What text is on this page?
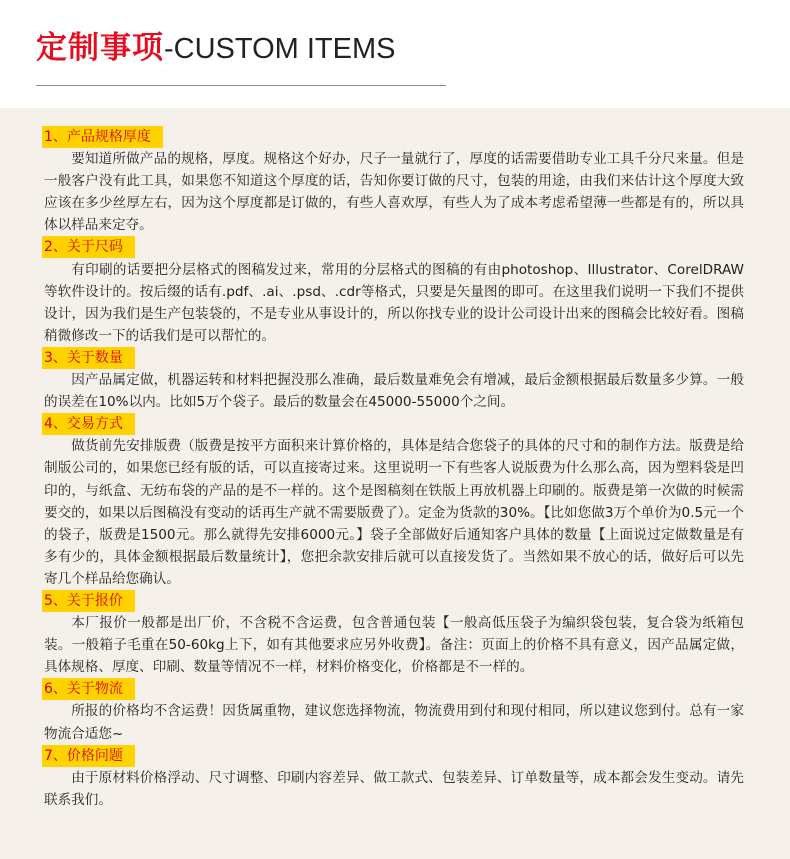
定制事项-CUSTOM ITEMS
1、产品规格厚度

要知道所做产品的规格，厚度。规格这个好办，尺子一量就行了，厚度的话需要借助专业工具千分尺来量。但是一般客户没有此工具，如果您不知道这个厚度的话，告知你要订做的尺寸，包装的用途，由我们来估计这个厚度大致应该在多少丝厚左右，因为这个厚度都是订做的，有些人喜欢厚，有些人为了成本考虑希望薄一些都是有的，所以具体以样品来定夺。

2、关于尺码

有印刷的话要把分层格式的图稿发过来，常用的分层格式的图稿的有由photoshop、Illustrator、CorelDRAW等软件设计的。按后缀的话有.pdf、.ai、.psd、.cdr等格式，只要是矢量图的即可。在这里我们说明一下我们不提供设计，因为我们是生产包装袋的，不是专业从事设计的，所以你找专业的设计公司设计出来的图稿会比较好看。图稿稍微修改一下的话我们是可以帮忙的。

3、关于数量

因产品属定做，机器运转和材料把握没那么准确，最后数量难免会有增减，最后金额根据最后数量多少算。一般的误差在10%以内。比如5万个袋子。最后的数量会在45000-55000个之间。

4、交易方式

做货前先安排版费（版费是按平方面积来计算价格的，具体是结合您袋子的具体的尺寸和的制作方法。版费是给制版公司的，如果您已经有版的话，可以直接寄过来。这里说明一下有些客人说版费为什么那么高，因为塑料袋是凹印的，与纸盒、无纺布袋的产品的是不一样的。这个是图稿刻在铁版上再放机器上印刷的。版费是第一次做的时候需要交的，如果以后图稿没有变动的话再生产就不需要版费了）。定金为货款的30%。【比如您做3万个单价为0.5元一个的袋子，版费是1500元。那么就得先安排6000元。】袋子全部做好后通知客户具体的数量【上面说过定做数量是有多有少的，具体金额根据最后数量统计】，您把余款安排后就可以直接发货了。当然如果不放心的话，做好后可以先寄几个样品给您确认。

5、关于报价

本厂报价一般都是出厂价，不含税不含运费，包含普通包装【一般高低压袋子为编织袋包装，复合袋为纸箱包装。一般箱子毛重在50-60kg上下，如有其他要求应另外收费】。备注：页面上的价格不具有意义，因产品属定做，具体规格、厚度、印刷、数量等情况不一样，材料价格变化，价格都是不一样的。

6、关于物流

所报的价格均不含运费！因货属重物，建议您选择物流，物流费用到付和现付相同，所以建议您到付。总有一家物流合适您~

7、价格问题

由于原材料价格浮动、尺寸调整、印刷内容差异、做工款式、包装差异、订单数量等，成本都会发生变动。请先联系我们。
